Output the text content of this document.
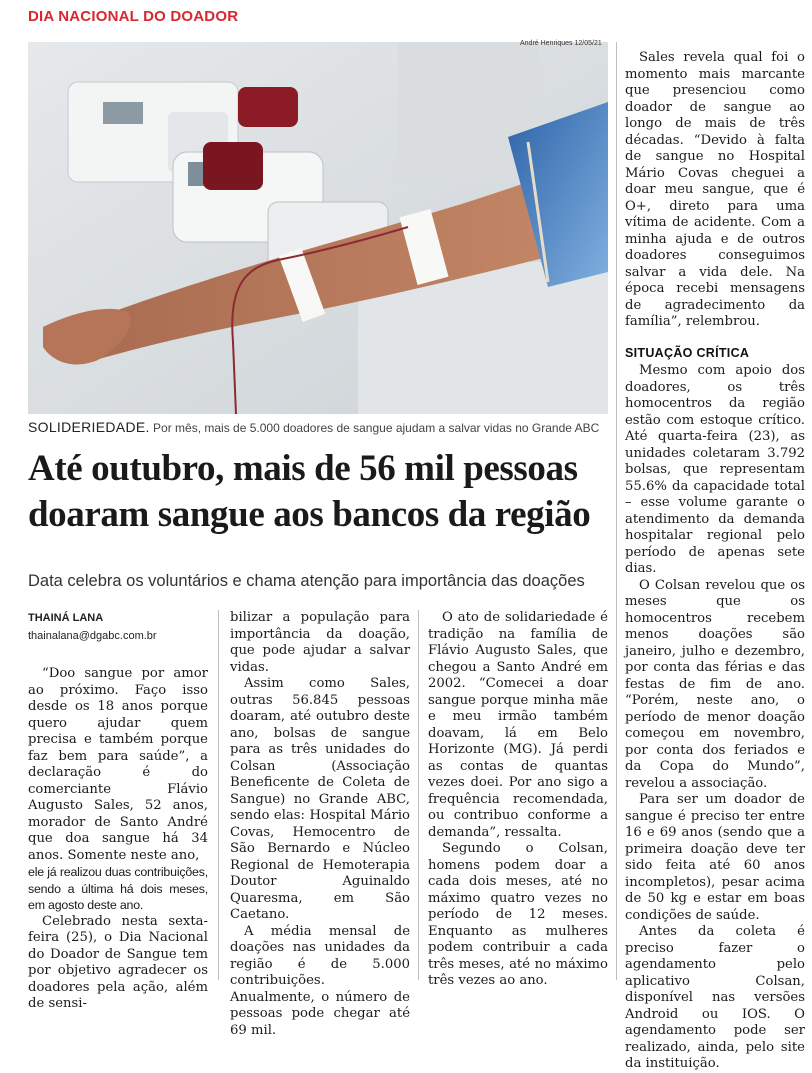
DIA NACIONAL DO DOADOR
André Henriques 12/05/21
SOLIDERIEDADE. Por mês, mais de 5.000 doadores de sangue ajudam a salvar vidas no Grande ABC
Até outubro, mais de 56 mil pessoas
doaram sangue aos bancos da região
Data celebra os voluntários e chama atenção para importância das doações
THAINÁ LANA
thainalana@dgabc.com.br

“Doo sangue por amor ao próximo. Faço isso desde os 18 anos porque quero ajudar quem precisa e também porque faz bem para saúde”, a declaração é do comerciante Flávio Augusto Sales, 52 anos, morador de Santo André que doa sangue há 34 anos. Somente neste ano,

ele já realizou duas contribuições, sendo a última há dois meses, em agosto deste ano.

Celebrado nesta sexta-feira (25), o Dia Nacional do Doador de Sangue tem por objetivo agradecer os doadores pela ação, além de sensi-

bilizar a população para importância da doação, que pode ajudar a salvar vidas.

Assim como Sales, outras 56.845 pessoas doaram, até outubro deste ano, bolsas de sangue para as três unidades do Colsan (Associação Beneficente de Coleta de Sangue) no Grande ABC, sendo elas: Hospital Mário Covas, Hemocentro de São Bernardo e Núcleo Regional de Hemoterapia Doutor Aguinaldo Quaresma, em São Caetano.

A média mensal de doações nas unidades da região é de 5.000 contribuições. Anualmente, o número de pessoas pode chegar até 69 mil.

O ato de solidariedade é tradição na família de Flávio Augusto Sales, que chegou a Santo André em 2002. “Comecei a doar sangue porque minha mãe e meu irmão também doavam, lá em Belo Horizonte (MG). Já perdi as contas de quantas vezes doei. Por ano sigo a frequência recomendada, ou contribuo conforme a demanda”, ressalta.

Segundo o Colsan, homens podem doar a cada dois meses, até no máximo quatro vezes no período de 12 meses. Enquanto as mulheres podem contribuir a cada três meses, até no máximo três vezes ao ano.

Sales revela qual foi o momento mais marcante que presenciou como doador de sangue ao longo de mais de três décadas. “Devido à falta de sangue no Hospital Mário Covas cheguei a doar meu sangue, que é O+, direto para uma vítima de acidente. Com a minha ajuda e de outros doadores conseguimos salvar a vida dele. Na época recebi mensagens de agradecimento da família”, relembrou.

SITUAÇÃO CRÍTICA

Mesmo com apoio dos doadores, os três homocentros da região estão com estoque crítico. Até quarta-feira (23), as unidades coletaram 3.792 bolsas, que representam 55.6% da capacidade total – esse volume garante o atendimento da demanda hospitalar regional pelo período de apenas sete dias.

O Colsan revelou que os meses que os homocentros recebem menos doações são janeiro, julho e dezembro, por conta das férias e das festas de fim de ano. “Porém, neste ano, o período de menor doação começou em novembro, por conta dos feriados e da Copa do Mundo”, revelou a associação.

Para ser um doador de sangue é preciso ter entre 16 e 69 anos (sendo que a primeira doação deve ter sido feita até 60 anos incompletos), pesar acima de 50 kg e estar em boas condições de saúde.

Antes da coleta é preciso fazer o agendamento pelo aplicativo Colsan, disponível nas versões Android ou IOS. O agendamento pode ser realizado, ainda, pelo site da instituição.
